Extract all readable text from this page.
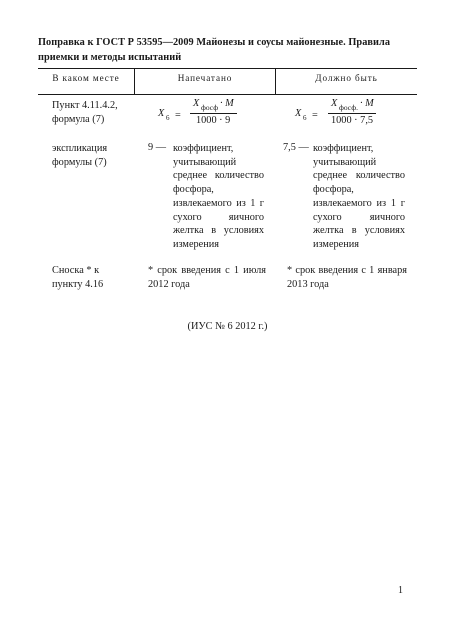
Поправка к ГОСТ Р 53595—2009 Майонезы и соусы майонезные. Правила приемки и методы испытаний
В каком месте	Напечатано	Должно быть
Пункт 4.11.4.2, формула (7)
X 6 =
X фосф · M
1000 · 9
X 6 =
X фосф. · M
1000 · 7,5
экспликация формулы (7)
9 — коэффициент, учитывающий среднее количество фосфора, извлекаемого из 1 г сухого яичного желтка в условиях измерения
7,5 — коэффициент, учитывающий среднее количество фосфора, извлекаемого из 1 г сухого яичного желтка в условиях измерения
Сноска * к пункту 4.16
* срок введения с 1 июля 2012 года
* срок введения с 1 января 2013 года
(ИУС № 6 2012 г.)
1
